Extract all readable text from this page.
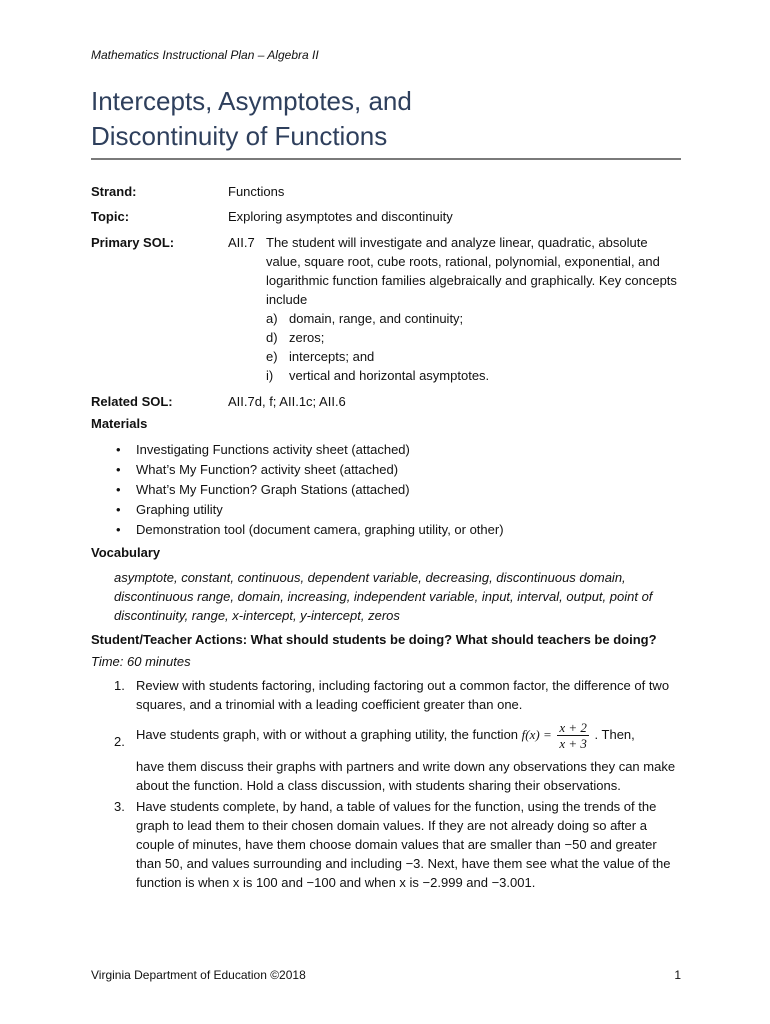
Mathematics Instructional Plan – Algebra II
Intercepts, Asymptotes, and
Discontinuity of Functions
Strand:	Functions
Topic:	Exploring asymptotes and discontinuity
Primary SOL:	AII.7 The student will investigate and analyze linear, quadratic, absolute value, square root, cube roots, rational, polynomial, exponential, and logarithmic function families algebraically and graphically. Key concepts include
a) domain, range, and continuity;
d) zeros;
e) intercepts; and
i) vertical and horizontal asymptotes.
Related SOL:	AII.7d, f; AII.1c; AII.6
Materials
• Investigating Functions activity sheet (attached)
• What’s My Function? activity sheet (attached)
• What’s My Function? Graph Stations (attached)
• Graphing utility
• Demonstration tool (document camera, graphing utility, or other)
Vocabulary
asymptote, constant, continuous, dependent variable, decreasing, discontinuous domain, discontinuous range, domain, increasing, independent variable, input, interval, output, point of discontinuity, range, x-intercept, y-intercept, zeros
Student/Teacher Actions: What should students be doing? What should teachers be doing?
Time: 60 minutes
1. Review with students factoring, including factoring out a common factor, the difference of two squares, and a trinomial with a leading coefficient greater than one.
2. Have students graph, with or without a graphing utility, the function $f(x) = \frac{x + 2}{x + 3}$ . Then,
have them discuss their graphs with partners and write down any observations they can make about the function. Hold a class discussion, with students sharing their observations.
3. Have students complete, by hand, a table of values for the function, using the trends of the graph to lead them to their chosen domain values. If they are not already doing so after a couple of minutes, have them choose domain values that are smaller than −50 and greater than 50, and values surrounding and including −3. Next, have them see what the value of the function is when x is 100 and −100 and when x is −2.999 and −3.001.
Virginia Department of Education ©2018	1
